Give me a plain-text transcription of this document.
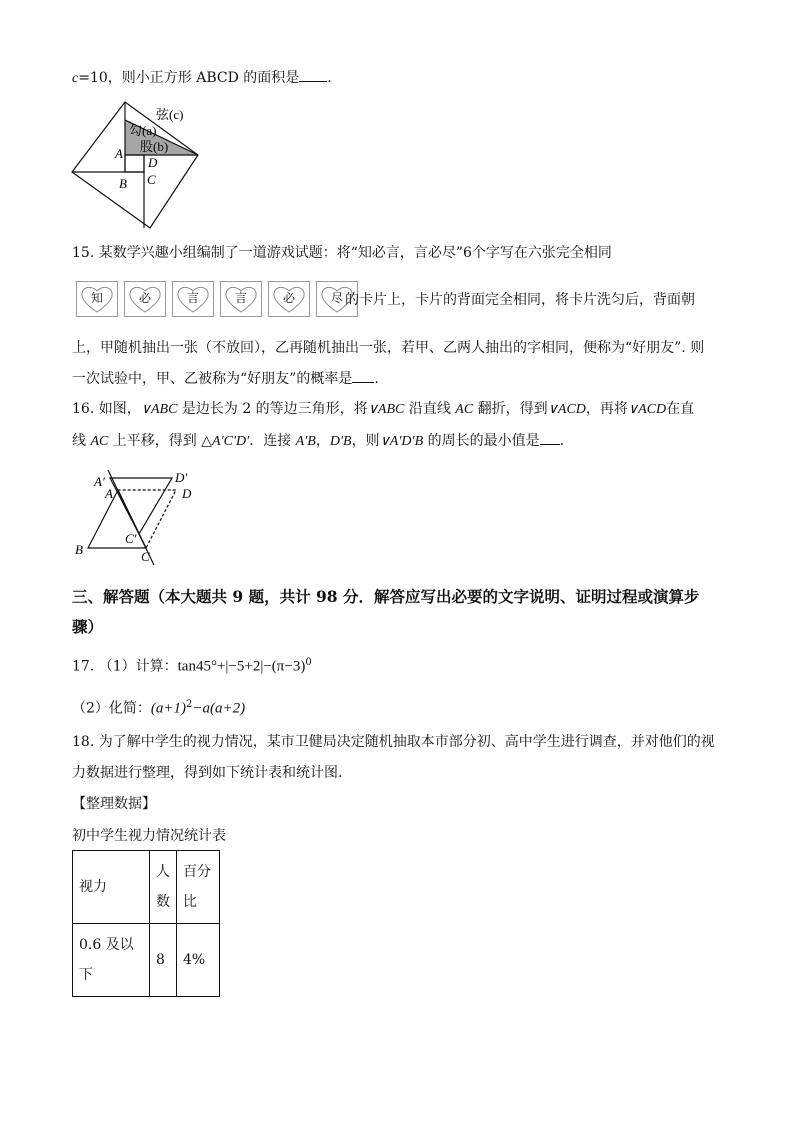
c=10，则小正方形 ABCD 的面积是 .
弦(c)
勾(a)
股(b)
A
D
B C
15. 某数学兴趣小组编制了一道游戏试题：将“知必言，言必尽”6个字写在六张完全相同
知	必	言	言	必	尽 的卡片上，卡片的背面完全相同，将卡片洗匀后，背面朝
上，甲随机抽出一张（不放回），乙再随机抽出一张，若甲、乙两人抽出的字相同，便称为“好朋友”. 则
一次试验中，甲、乙被称为“好朋友”的概率是 .
16. 如图，∨ABC 是边长为 2 的等边三角形，将∨ABC 沿直线 AC 翻折，得到∨ACD，再将∨ACD在直
线 AC 上平移，得到 △A′C′D′．连接 A′B，D′B，则∨A′D′B 的周长的最小值是 .
A′	D′
A	D
B
C′
C
三、解答题（本大题共 9 题，共计 98 分．解答应写出必要的文字说明、证明过程或演算步
骤）
17. （1）计算：$\tan 45^\circ+|-5+2|-(\pi-3)^0$
（2）化简：$(a+1)^2-a(a+2)$
18. 为了解中学生的视力情况，某市卫健局决定随机抽取本市部分初、高中学生进行调查，并对他们的视
力数据进行整理，得到如下统计表和统计图.
【整理数据】
初中学生视力情况统计表
视力	人数	百分比
0.6 及以下	8	4%
